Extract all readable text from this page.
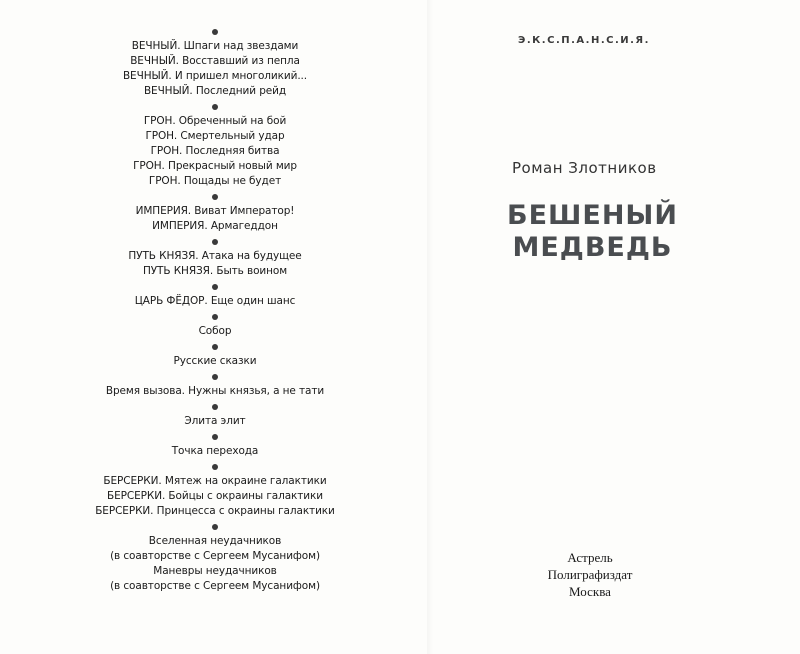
ВЕЧНЫЙ. Шпаги над звездами
ВЕЧНЫЙ. Восставший из пепла
ВЕЧНЫЙ. И пришел многоликий...
ВЕЧНЫЙ. Последний рейд
ГРОН. Обреченный на бой
ГРОН. Смертельный удар
ГРОН. Последняя битва
ГРОН. Прекрасный новый мир
ГРОН. Пощады не будет
ИМПЕРИЯ. Виват Император!
ИМПЕРИЯ. Армагеддон
ПУТЬ КНЯЗЯ. Атака на будущее
ПУТЬ КНЯЗЯ. Быть воином
ЦАРЬ ФЁДОР. Еще один шанс
Собор
Русские сказки
Время вызова. Нужны князья, а не тати
Элита элит
Точка перехода
БЕРСЕРКИ. Мятеж на окраине галактики
БЕРСЕРКИ. Бойцы с окраины галактики
БЕРСЕРКИ. Принцесса с окраины галактики
Вселенная неудачников
(в соавторстве с Сергеем Мусанифом)
Маневры неудачников
(в соавторстве с Сергеем Мусанифом)
Э.К.С.П.А.Н.С.И.Я.
Роман Злотников
БЕШЕНЫЙ
МЕДВЕДЬ
Астрель
Полиграфиздат
Москва
